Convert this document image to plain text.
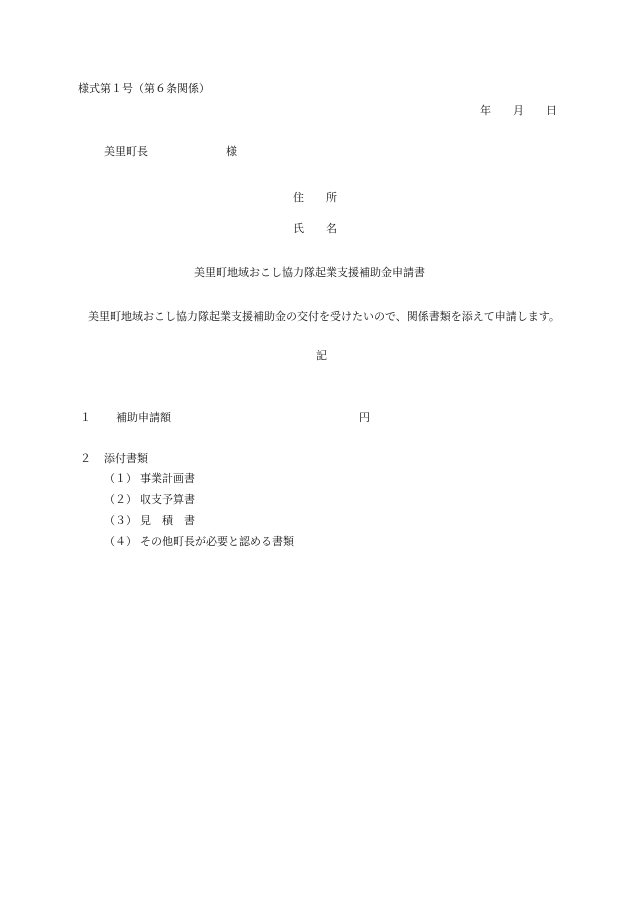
様式第１号（第６条関係）
年 月 日
美里町長	様
住　　所
氏　　名
美里町地域おこし協力隊起業支援補助金申請書
美里町地域おこし協力隊起業支援補助金の交付を受けたいので、関係書類を添えて申請します。
記
１ 補助申請額	円
２ 添付書類
（１） 事業計画書
（２） 収支予算書
（３） 見　積　書
（４） その他町長が必要と認める書類
